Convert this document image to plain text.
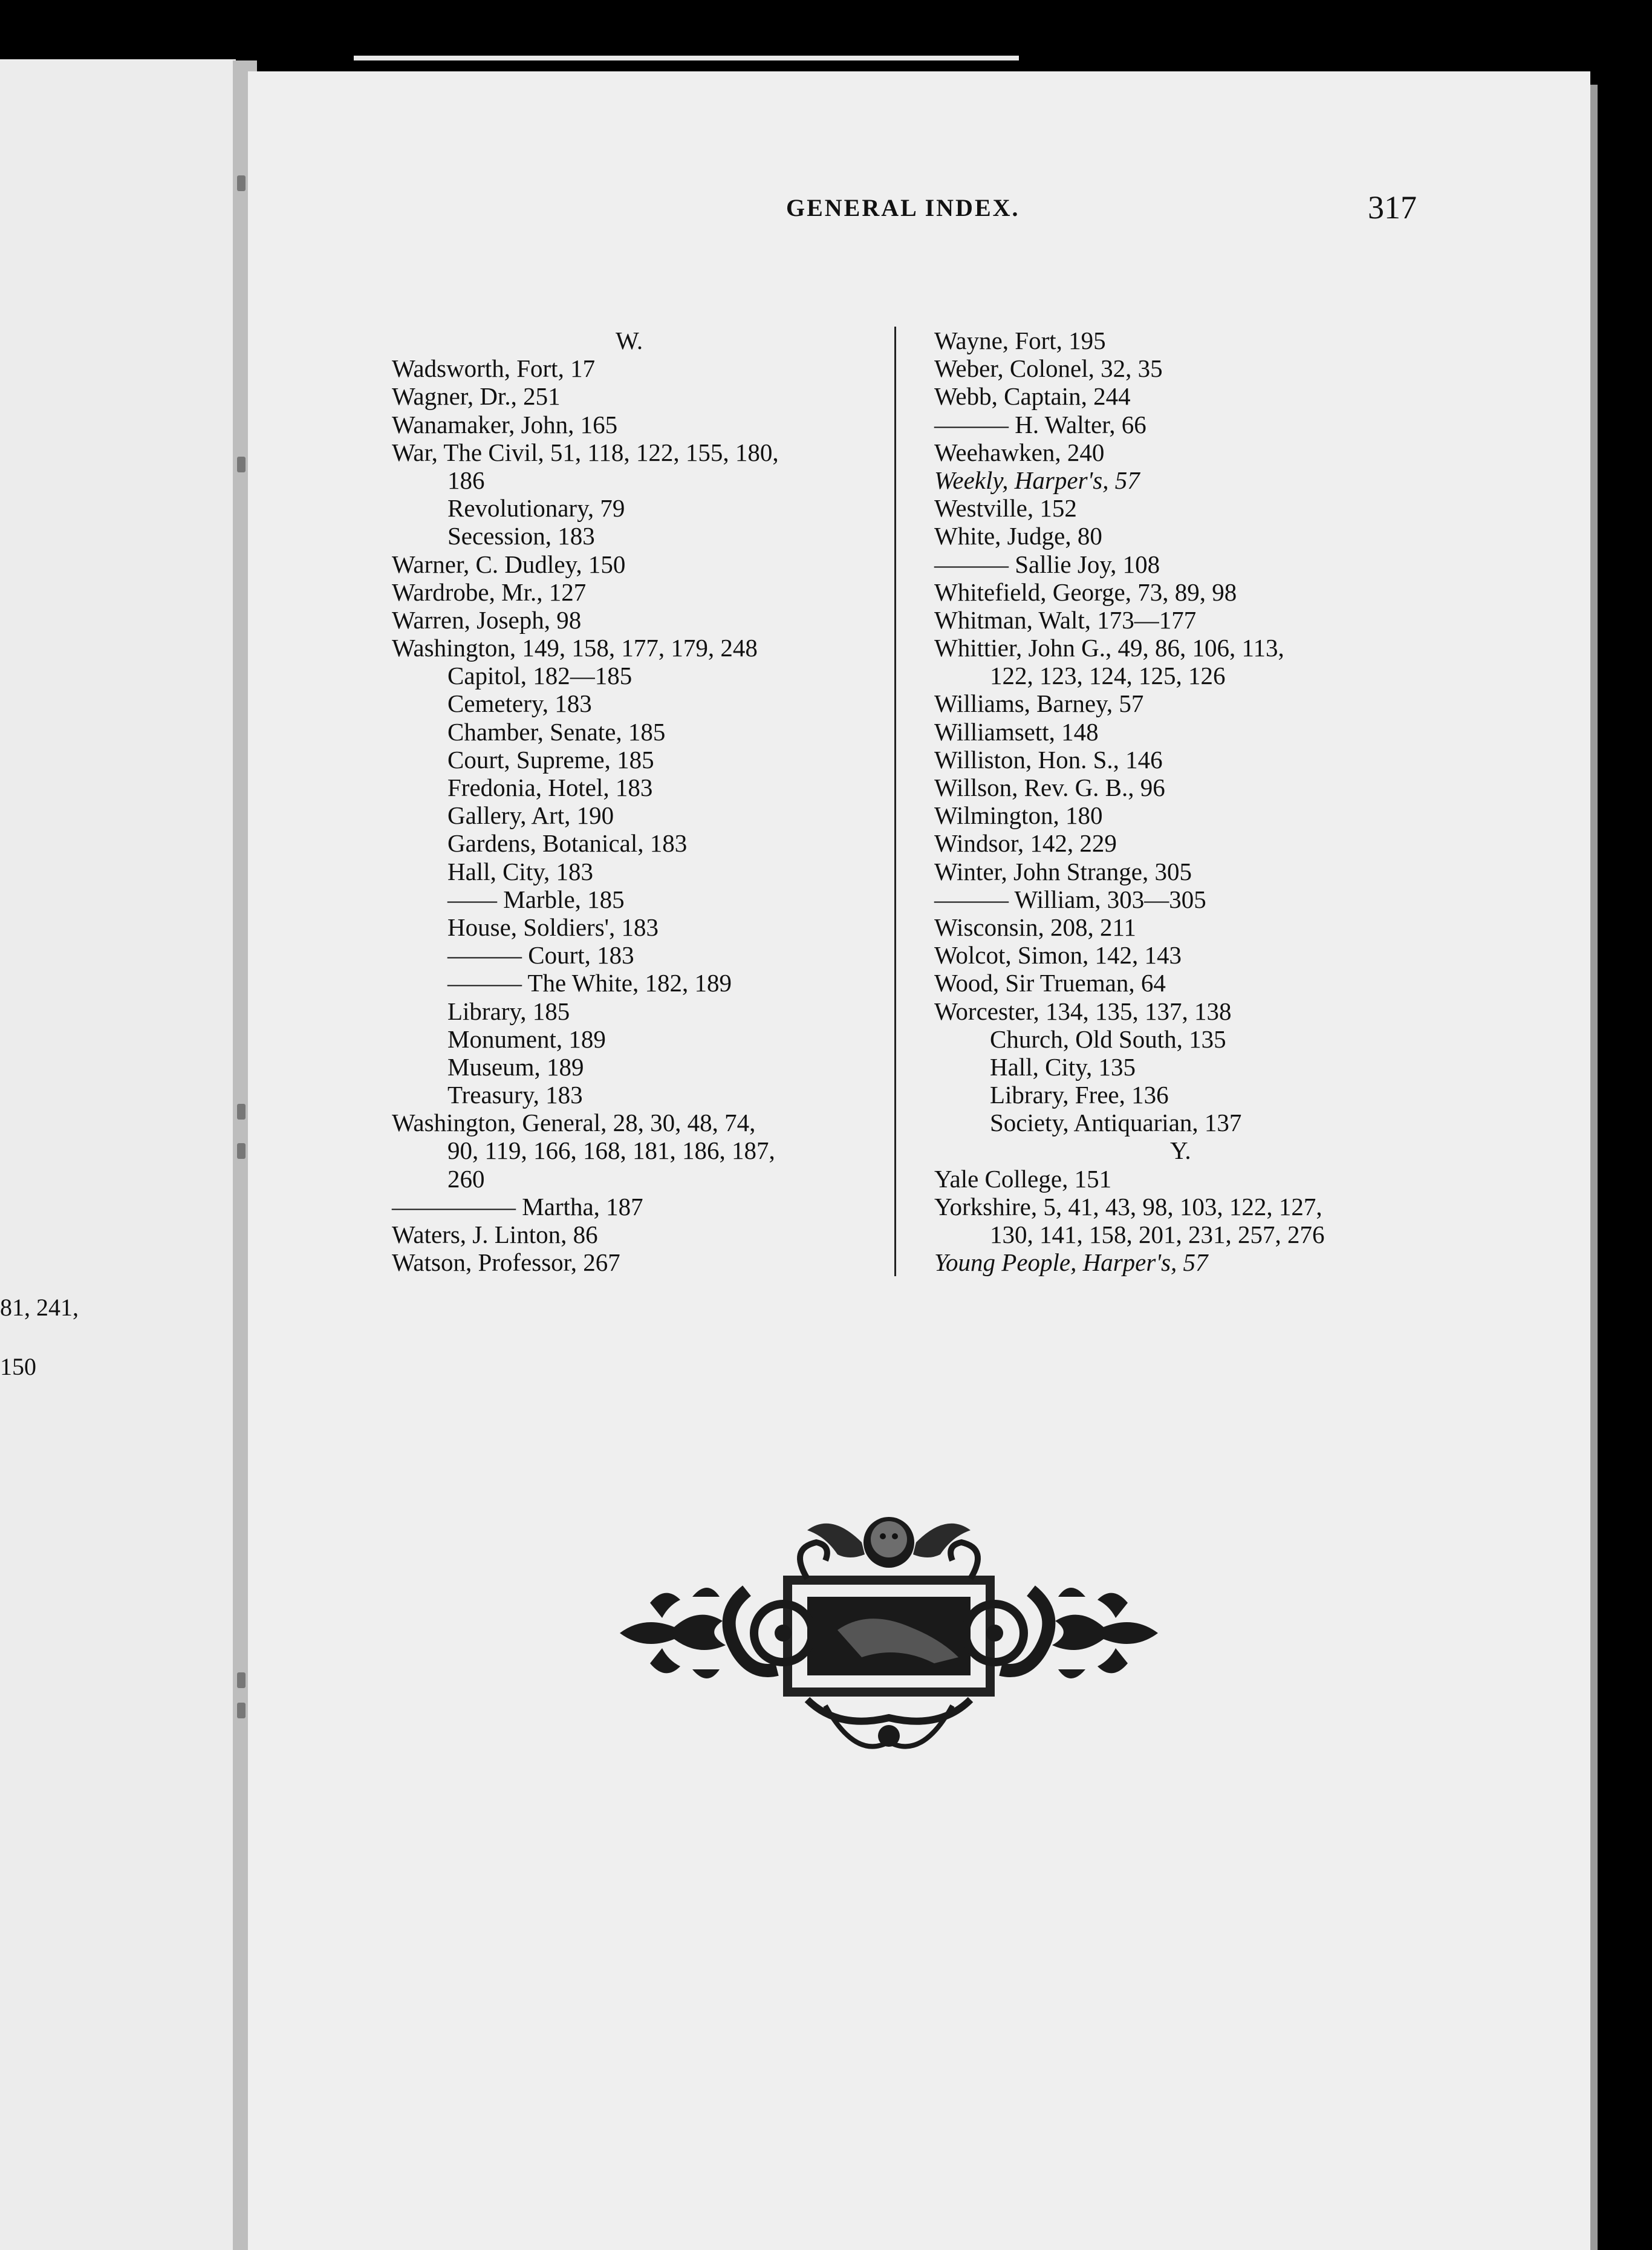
81, 241,
150
GENERAL INDEX.	317
W.
Wadsworth, Fort, 17
Wagner, Dr., 251
Wanamaker, John, 165
War, The Civil, 51, 118, 122, 155, 180,
186
Revolutionary, 79
Secession, 183
Warner, C. Dudley, 150
Wardrobe, Mr., 127
Warren, Joseph, 98
Washington, 149, 158, 177, 179, 248
Capitol, 182—185
Cemetery, 183
Chamber, Senate, 185
Court, Supreme, 185
Fredonia, Hotel, 183
Gallery, Art, 190
Gardens, Botanical, 183
Hall, City, 183
—— Marble, 185
House, Soldiers', 183
——— Court, 183
——— The White, 182, 189
Library, 185
Monument, 189
Museum, 189
Treasury, 183
Washington, General, 28, 30, 48, 74,
90, 119, 166, 168, 181, 186, 187,
260
————— Martha, 187
Waters, J. Linton, 86
Watson, Professor, 267
Wayne, Fort, 195
Weber, Colonel, 32, 35
Webb, Captain, 244
——— H. Walter, 66
Weehawken, 240
Weekly, Harper's, 57
Westville, 152
White, Judge, 80
——— Sallie Joy, 108
Whitefield, George, 73, 89, 98
Whitman, Walt, 173—177
Whittier, John G., 49, 86, 106, 113,
122, 123, 124, 125, 126
Williams, Barney, 57
Williamsett, 148
Williston, Hon. S., 146
Willson, Rev. G. B., 96
Wilmington, 180
Windsor, 142, 229
Winter, John Strange, 305
——— William, 303—305
Wisconsin, 208, 211
Wolcot, Simon, 142, 143
Wood, Sir Trueman, 64
Worcester, 134, 135, 137, 138
Church, Old South, 135
Hall, City, 135
Library, Free, 136
Society, Antiquarian, 137
Y.
Yale College, 151
Yorkshire, 5, 41, 43, 98, 103, 122, 127,
130, 141, 158, 201, 231, 257, 276
Young People, Harper's, 57
